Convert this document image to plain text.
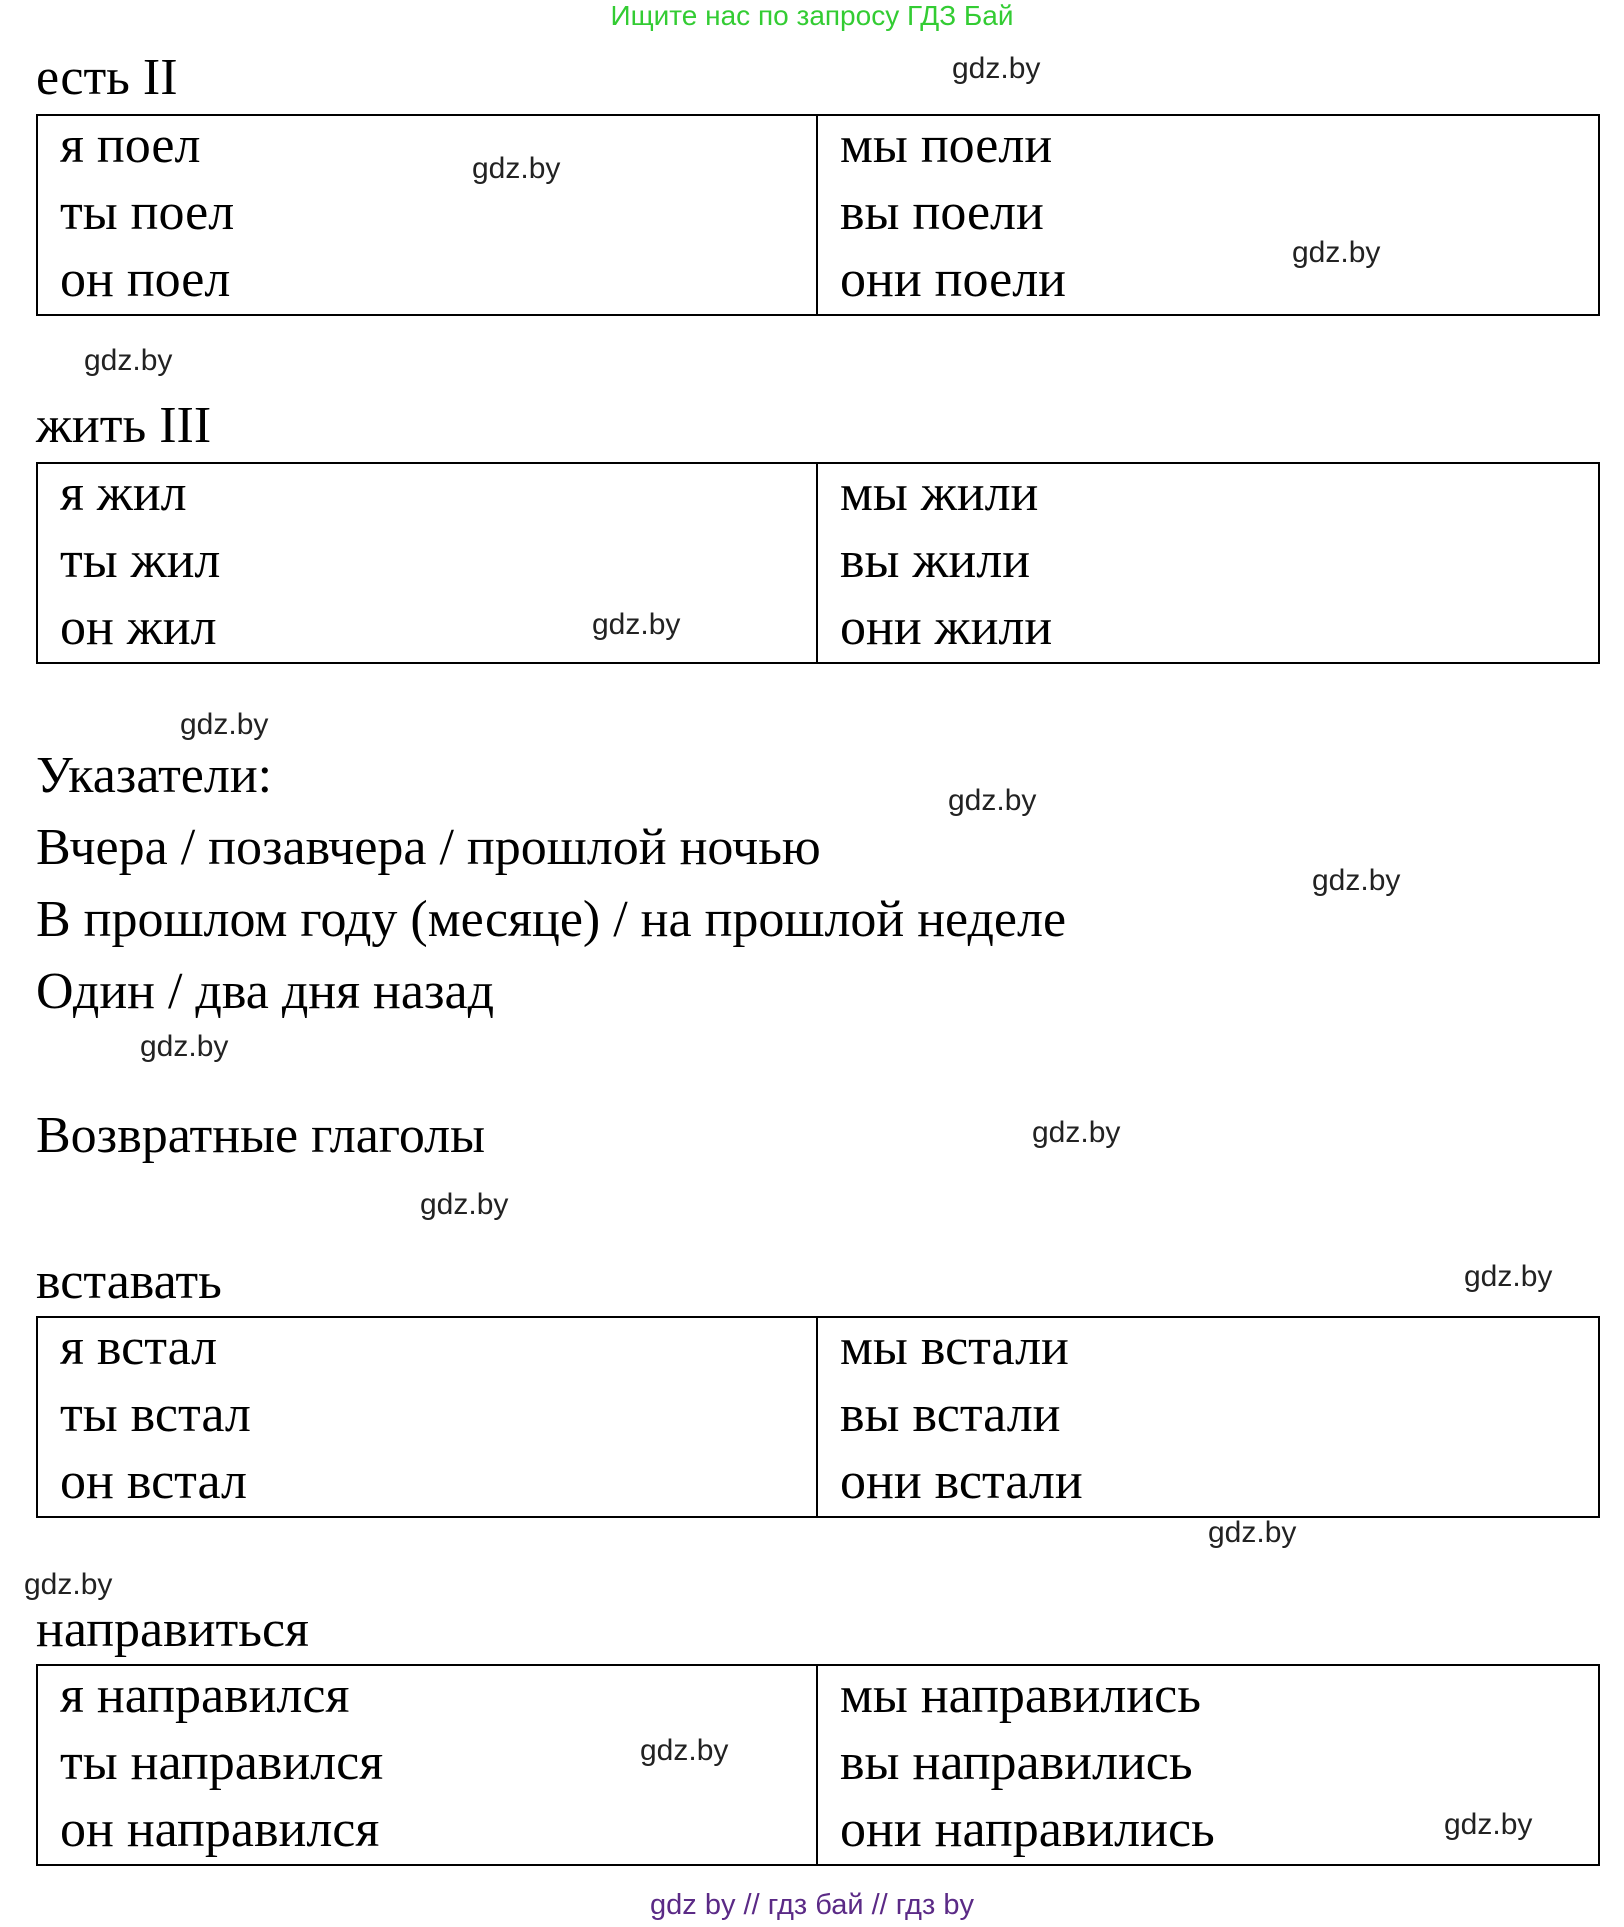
Ищите нас по запросу ГДЗ Бай
есть II
я поел
ты поел
он поел
мы поели
вы поели
они поели
жить III
я жил
ты жил
он жил
мы жили
вы жили
они жили
Указатели:
Вчера / позавчера / прошлой ночью
В прошлом году (месяце) / на прошлой неделе
Один / два дня назад
Возвратные глаголы
вставать
я встал
ты встал
он встал
мы встали
вы встали
они встали
направиться
я направился
ты направился
он направился
мы направились
вы направились
они направились
gdz.by
gdz.by
gdz.by
gdz.by
gdz.by
gdz.by
gdz.by
gdz.by
gdz.by
gdz.by
gdz.by
gdz.by
gdz.by
gdz.by
gdz.by
gdz.by
gdz by // гдз бай // гдз by
